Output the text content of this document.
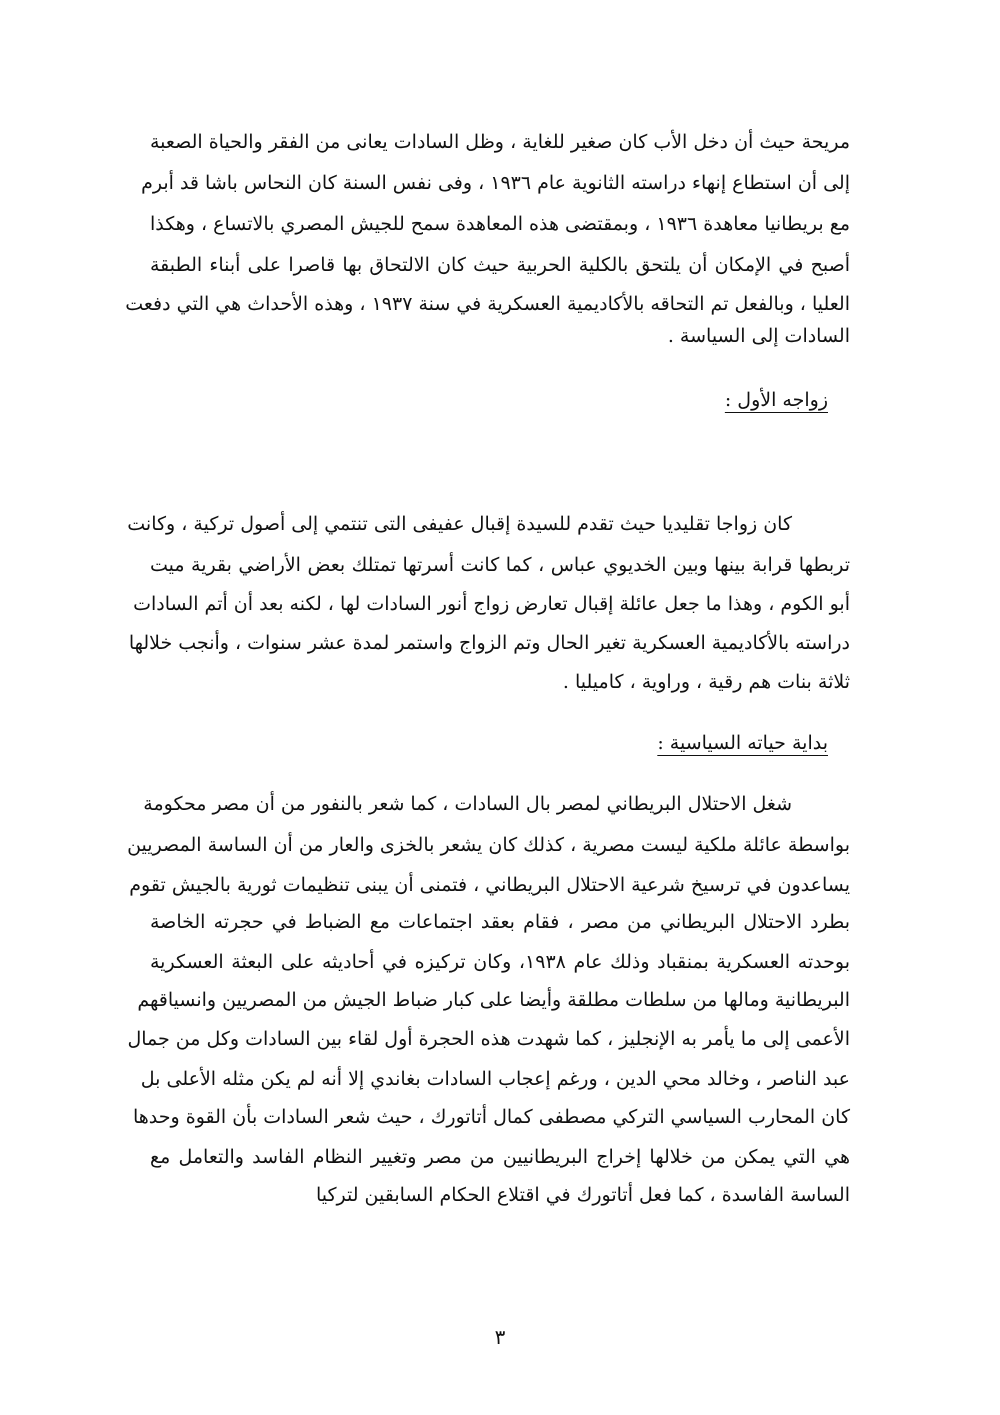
مريحة حيث أن دخل الأب كان صغير للغاية ، وظل السادات يعانى من الفقر والحياة الصعبة
إلى أن استطاع إنهاء دراسته الثانوية عام ١٩٣٦ ، وفى نفس السنة كان النحاس باشا قد أبرم
مع بريطانيا معاهدة ١٩٣٦ ، وبمقتضى هذه المعاهدة سمح للجيش المصري بالاتساع ، وهكذا
أصبح في الإمكان أن يلتحق بالكلية الحربية حيث كان الالتحاق بها قاصرا على أبناء الطبقة
العليا ، وبالفعل تم التحاقه بالأكاديمية العسكرية في سنة ١٩٣٧ ، وهذه الأحداث هي التي دفعت
السادات إلى السياسة .
زواجه الأول :
كان زواجا تقليديا حيث تقدم للسيدة إقبال عفيفى التى تنتمي إلى أصول تركية ، وكانت
تربطها قرابة بينها وبين الخديوي عباس ، كما كانت أسرتها تمتلك بعض الأراضي بقرية ميت
أبو الكوم ، وهذا ما جعل عائلة إقبال تعارض زواج أنور السادات لها ، لكنه بعد أن أتم السادات
دراسته بالأكاديمية العسكرية تغير الحال وتم الزواج واستمر لمدة عشر سنوات ، وأنجب خلالها
ثلاثة بنات هم رقية ، وراوية ، كاميليا .
بداية حياته السياسية :
شغل الاحتلال البريطاني لمصر بال السادات ، كما شعر بالنفور من أن مصر محكومة
بواسطة عائلة ملكية ليست مصرية ، كذلك كان يشعر بالخزى والعار من أن الساسة المصريين
يساعدون في ترسيخ شرعية الاحتلال البريطاني ، فتمنى أن يبنى تنظيمات ثورية بالجيش تقوم
بطرد الاحتلال البريطاني من مصر ، فقام بعقد اجتماعات مع الضباط في حجرته الخاصة
بوحدته العسكرية بمنقباد وذلك عام ١٩٣٨، وكان تركيزه في أحاديثه على البعثة العسكرية
البريطانية ومالها من سلطات مطلقة وأيضا على كبار ضباط الجيش من المصريين وانسياقهم
الأعمى إلى ما يأمر به الإنجليز ، كما شهدت هذه الحجرة أول لقاء بين السادات وكل من جمال
عبد الناصر ، وخالد محي الدين ، ورغم إعجاب السادات بغاندي إلا أنه لم يكن مثله الأعلى بل
كان المحارب السياسي التركي مصطفى كمال أتاتورك ، حيث شعر السادات بأن القوة وحدها
هي التي يمكن من خلالها إخراج البريطانيين من مصر وتغيير النظام الفاسد والتعامل مع
الساسة الفاسدة ، كما فعل أتاتورك في اقتلاع الحكام السابقين لتركيا
٣
